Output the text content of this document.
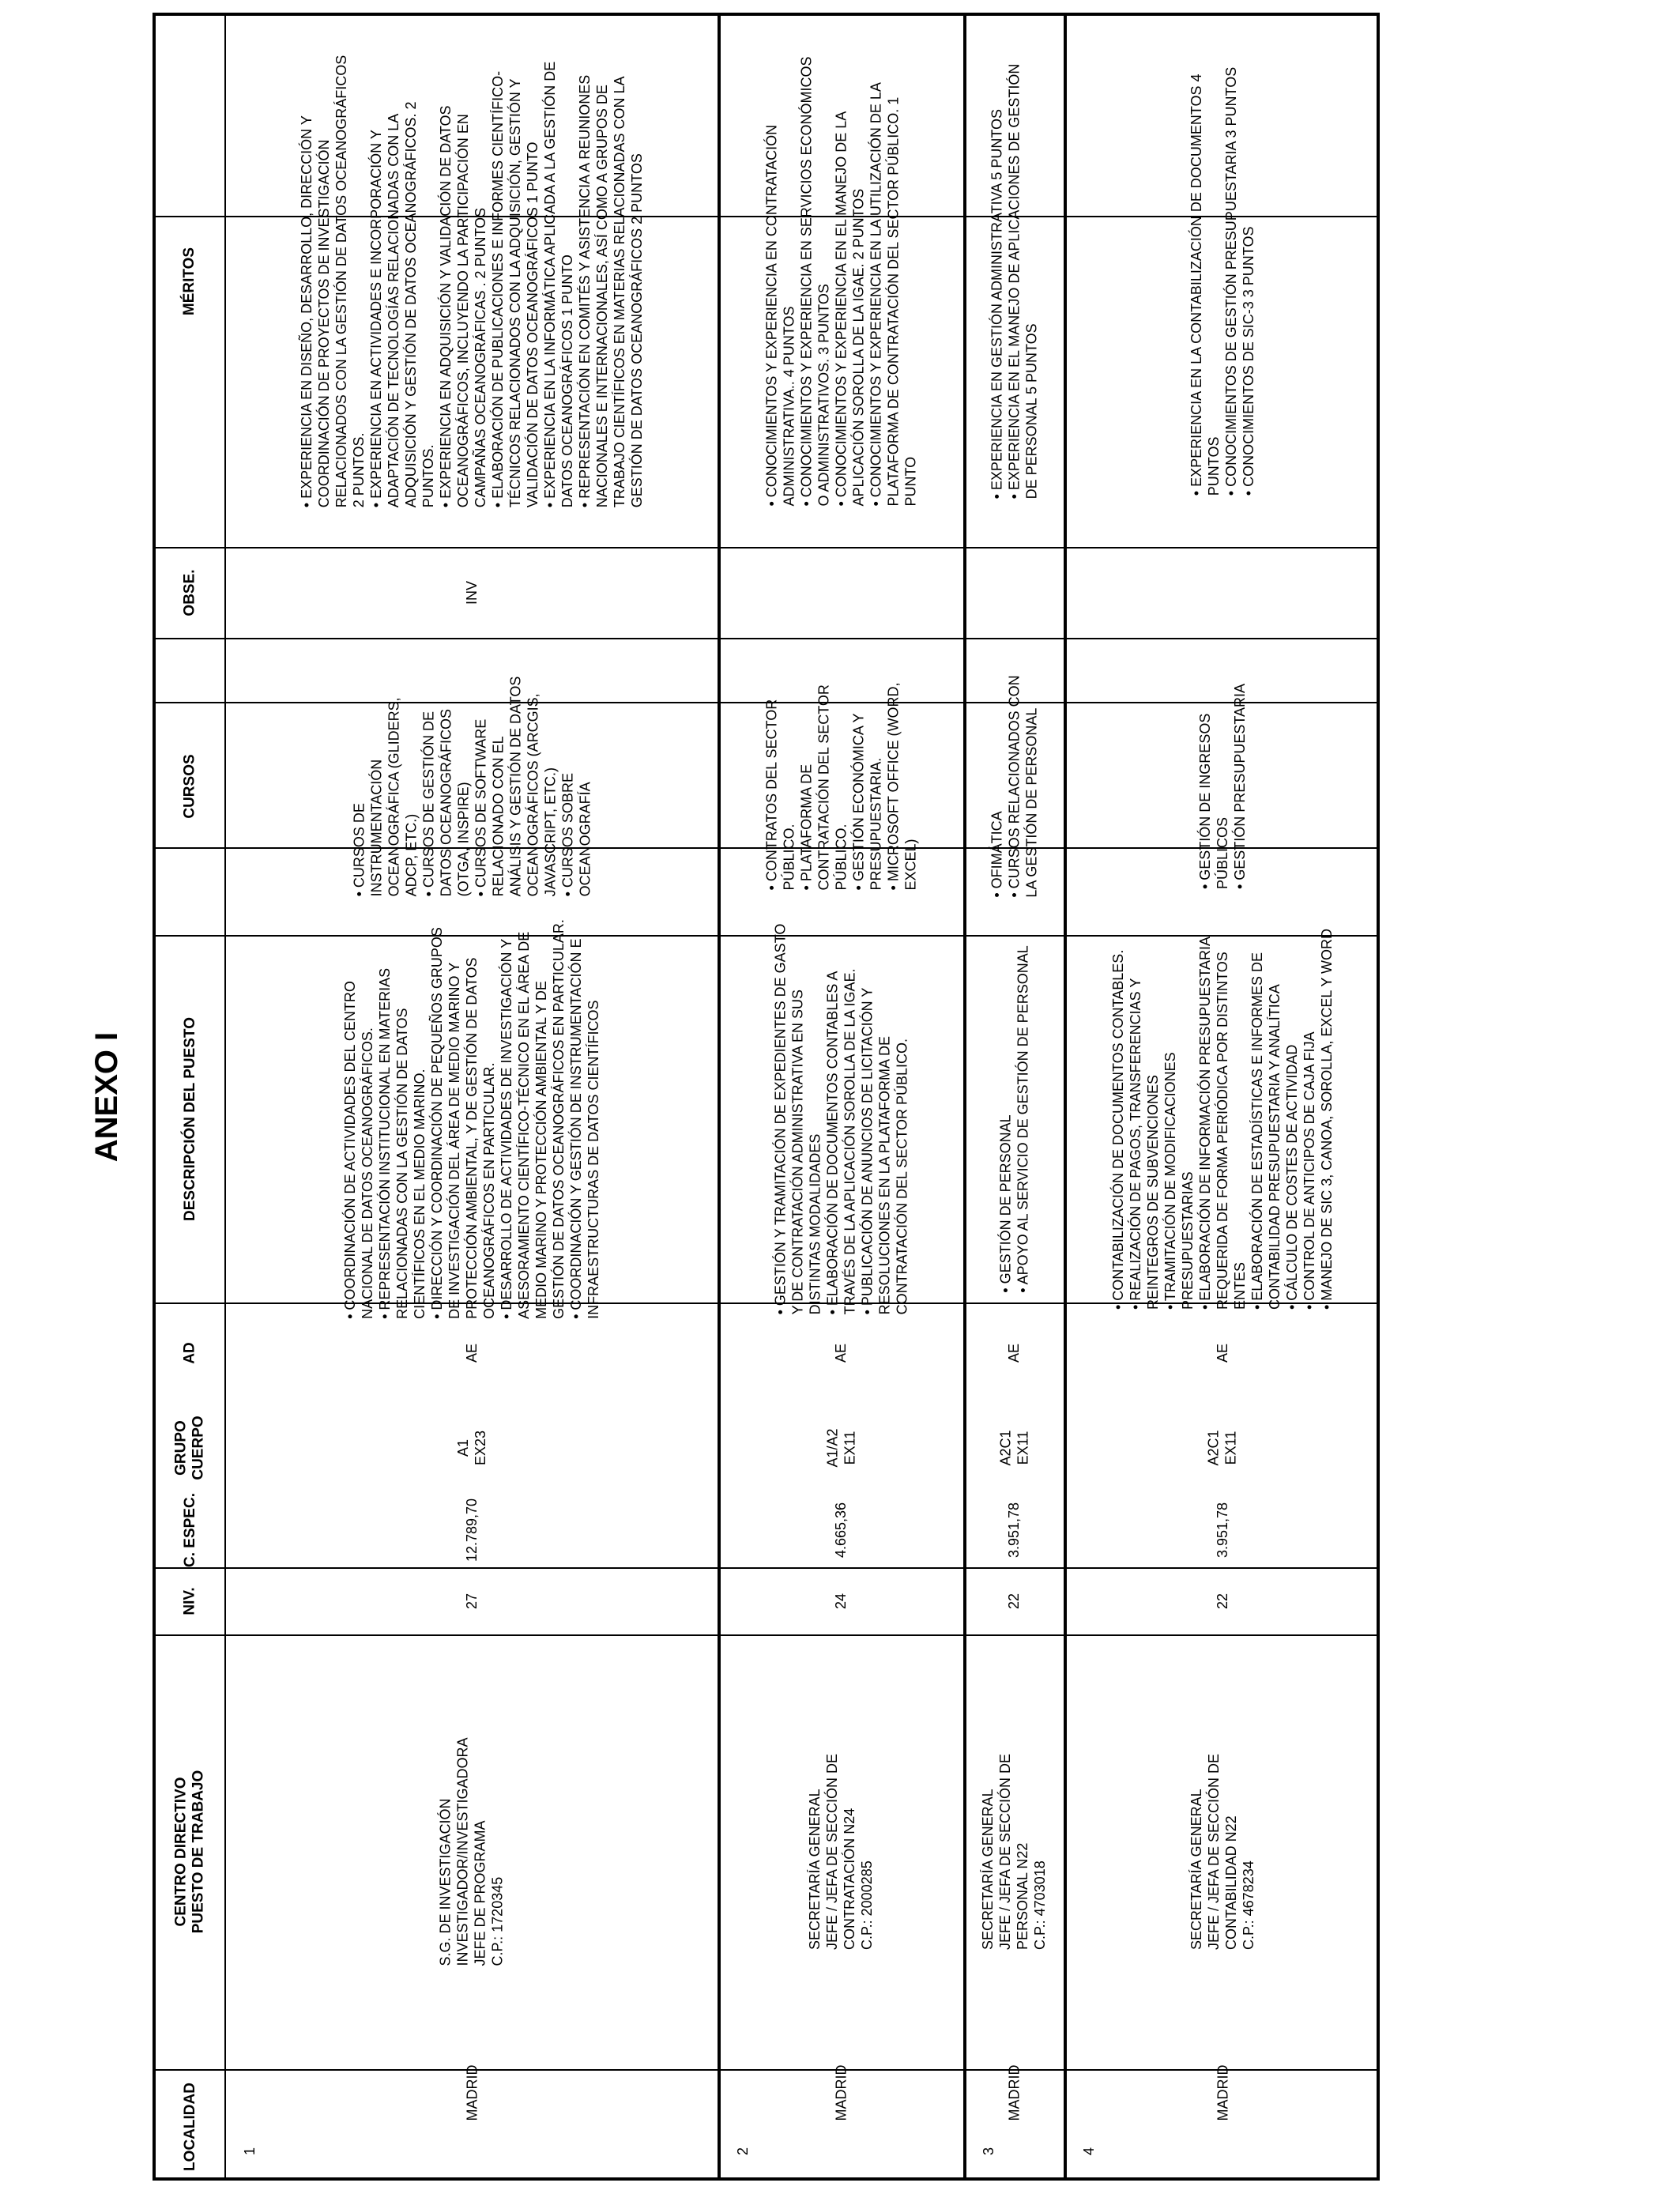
ANEXO I
LOCALIDAD
CENTRO DIRECTIVO PUESTO DE TRABAJO
NIV.
C. ESPEC.
GRUPO CUERPO
AD
DESCRIPCIÓN DEL PUESTO
CURSOS
OBSE.
MÉRITOS
1
MADRID
S.G. DE INVESTIGACIÓN INVESTIGADOR/INVESTIGADORA JEFE DE PROGRAMA C.P.: 1720345
27
12.789,70
A1 EX23
AE
• COORDINACIÓN DE ACTIVIDADES DEL CENTRO NACIONAL DE DATOS OCEANOGRÁFICOS. • REPRESENTACIÓN INSTITUCIONAL EN MATERIAS RELACIONADAS CON LA GESTIÓN DE DATOS CIENTÍFICOS EN EL MEDIO MARINO. • DIRECCIÓN Y COORDINACIÓN DE PEQUEÑOS GRUPOS DE INVESTIGACIÓN DEL ÁREA DE MEDIO MARINO Y PROTECCIÓN AMBIENTAL, Y DE GESTIÓN DE DATOS OCEANOGRÁFICOS EN PARTICULAR. • DESARROLLO DE ACTIVIDADES DE INVESTIGACIÓN Y ASESORAMIENTO CIENTÍFICO-TÉCNICO EN EL ÁREA DE MEDIO MARINO Y PROTECCIÓN AMBIENTAL Y DE GESTIÓN DE DATOS OCEANOGRÁFICOS EN PARTICULAR. • COORDINACIÓN Y GESTIÓN DE INSTRUMENTACIÓN E INFRAESTRUCTURAS DE DATOS CIENTÍFICOS
• CURSOS DE INSTRUMENTACIÓN OCEANOGRÁFICA (GLIDERS, ADCP, ETC.) • CURSOS DE GESTIÓN DE DATOS OCEANOGRÁFICOS (OTGA, INSPIRE) • CURSOS DE SOFTWARE RELACIONADO CON EL ANÁLISIS Y GESTIÓN DE DATOS OCEANOGRÁFICOS (ARCGIS, JAVASCRIPT, ETC.) • CURSOS SOBRE OCEANOGRAFÍA
INV
• EXPERIENCIA EN DISEÑO, DESARROLLO, DIRECCIÓN Y COORDINACIÓN DE PROYECTOS DE INVESTIGACIÓN RELACIONADOS CON LA GESTIÓN DE DATOS OCEANOGRÁFICOS 2 PUNTOS. • EXPERIENCIA EN ACTIVIDADES E INCORPORACIÓN Y ADAPTACIÓN DE TECNOLOGÍAS RELACIONADAS CON LA ADQUISICIÓN Y GESTIÓN DE DATOS OCEANOGRÁFICOS. 2 PUNTOS. • EXPERIENCIA EN ADQUISICIÓN Y VALIDACIÓN DE DATOS OCEANOGRÁFICOS, INCLUYENDO LA PARTICIPACIÓN EN CAMPAÑAS OCEANOGRÁFICAS . 2 PUNTOS • ELABORACIÓN DE PUBLICACIONES E INFORMES CIENTÍFICO- TÉCNICOS RELACIONADOS CON LA ADQUISICIÓN, GESTIÓN Y VALIDACIÓN DE DATOS OCEANOGRÁFICOS 1 PUNTO • EXPERIENCIA EN LA INFORMÁTICA APLICADA A LA GESTIÓN DE DATOS OCEANOGRÁFICOS 1 PUNTO • REPRESENTACIÓN EN COMITÉS Y ASISTENCIA A REUNIONES NACIONALES E INTERNACIONALES, ASÍ COMO A GRUPOS DE TRABAJO CIENTÍFICOS EN MATERIAS RELACIONADAS CON LA GESTIÓN DE DATOS OCEANOGRÁFICOS 2 PUNTOS
2
MADRID
SECRETARÍA GENERAL JEFE / JEFA DE SECCIÓN DE CONTRATACIÓN N24 C.P.: 2000285
24
4.665,36
A1/A2 EX11
AE
• GESTIÓN Y TRAMITACIÓN DE EXPEDIENTES DE GASTO Y DE CONTRATACIÓN ADMINISTRATIVA EN SUS DISTINTAS MODALIDADES • ELABORACIÓN DE DOCUMENTOS CONTABLES A TRAVÉS DE LA APLICACIÓN SOROLLA DE LA IGAE. • PUBLICACIÓN DE ANUNCIOS DE LICITACIÓN Y RESOLUCIONES EN LA PLATAFORMA DE CONTRATACIÓN DEL SECTOR PÚBLICO.
• CONTRATOS DEL SECTOR PÚBLICO. • PLATAFORMA DE CONTRATACIÓN DEL SECTOR PÚBLICO. • GESTIÓN ECONÓMICA Y PRESUPUESTARIA. • MICROSOFT OFFICE (WORD, EXCEL)
• CONOCIMIENTOS Y EXPERIENCIA EN CONTRATACIÓN ADMINISTRATIVA.. 4 PUNTOS • CONOCIMIENTOS Y EXPERIENCIA EN SERVICIOS ECONÓMICOS O ADMINISTRATIVOS. 3 PUNTOS • CONOCIMIENTOS Y EXPERIENCIA EN EL MANEJO DE LA APLICACIÓN SOROLLA DE LA IGAE. 2 PUNTOS • CONOCIMIENTOS Y EXPERIENCIA EN LA UTILIZACIÓN DE LA PLATAFORMA DE CONTRATACIÓN DEL SECTOR PÚBLICO. 1 PUNTO
3
MADRID
SECRETARÍA GENERAL JEFE / JEFA DE SECCIÓN DE PERSONAL N22 C.P.: 4703018
22
3.951,78
A2C1 EX11
AE
• GESTIÓN DE PERSONAL • APOYO AL SERVICIO DE GESTIÓN DE PERSONAL
• OFIMÁTICA • CURSOS RELACIONADOS CON LA GESTIÓN DE PERSONAL
• EXPERIENCIA EN GESTIÓN ADMINISTRATIVA 5 PUNTOS • EXPERIENCIA EN EL MANEJO DE APLICACIONES DE GESTIÓN DE PERSONAL 5 PUNTOS
4
MADRID
SECRETARÍA GENERAL JEFE / JEFA DE SECCIÓN DE CONTABILIDAD N22 C.P.: 4678234
22
3.951,78
A2C1 EX11
AE
• CONTABILIZACIÓN DE DOCUMENTOS CONTABLES. • REALIZACIÓN DE PAGOS, TRANSFERENCIAS Y REINTEGROS DE SUBVENCIONES • TRAMITACIÓN DE MODIFICACIONES PRESUPUESTARIAS • ELABORACIÓN DE INFORMACIÓN PRESUPUESTARIA REQUERIDA DE FORMA PERIÓDICA POR DISTINTOS ENTES • ELABORACIÓN DE ESTADÍSTICAS E INFORMES DE CONTABILIDAD PRESUPUESTARIA Y ANALÍTICA • CÁLCULO DE COSTES DE ACTIVIDAD • CONTROL DE ANTICIPOS DE CAJA FIJA • MANEJO DE SIC 3, CANOA, SOROLLA, EXCEL Y WORD
• GESTIÓN DE INGRESOS PÚBLICOS • GESTIÓN PRESUPUESTARIA
• EXPERIENCIA EN LA CONTABILIZACIÓN DE DOCUMENTOS 4 PUNTOS • CONOCIMIENTOS DE GESTIÓN PRESUPUESTARIA 3 PUNTOS • CONOCIMIENTOS DE SIC-3 3 PUNTOS
